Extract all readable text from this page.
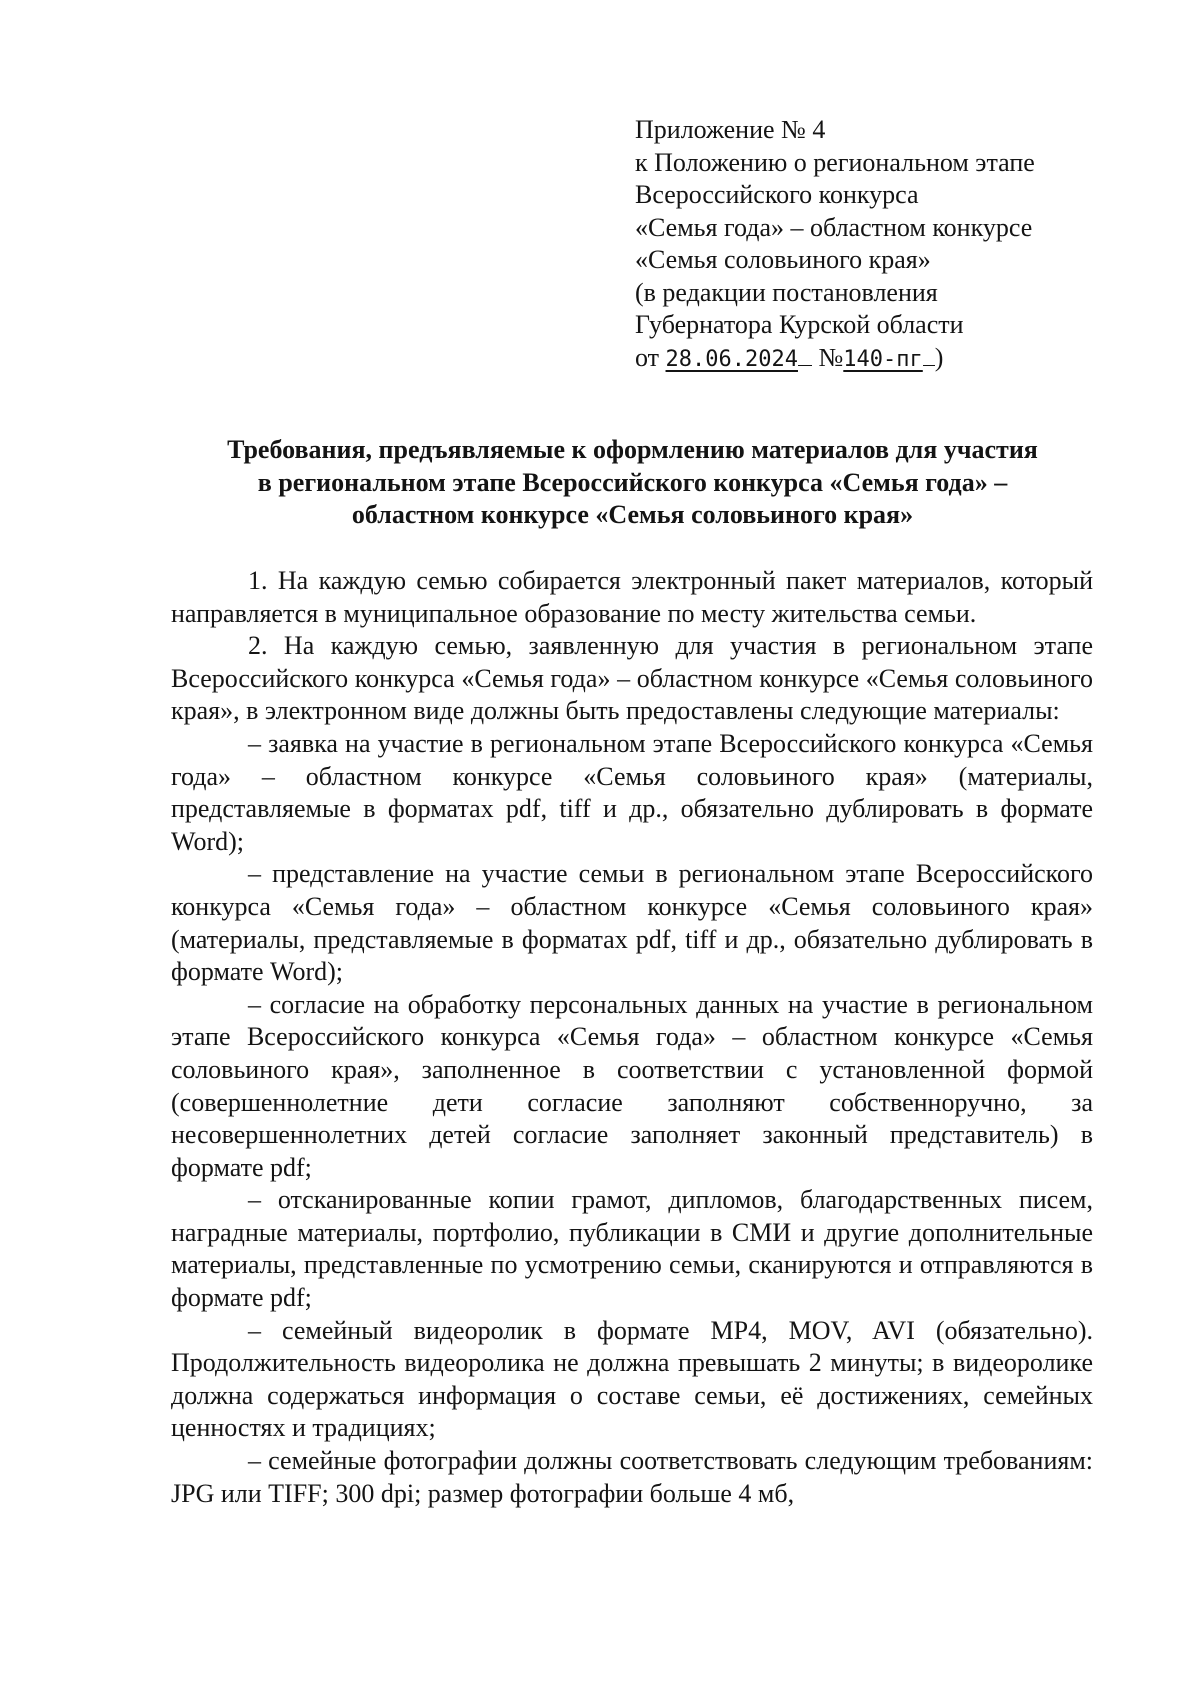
Приложение № 4
к Положению о региональном этапе
Всероссийского конкурса
«Семья года» – областном конкурсе
«Семья соловьиного края»
(в редакции постановления
Губернатора Курской области
от 28.06.2024 №140-пг )
Требования, предъявляемые к оформлению материалов для участия
в региональном этапе Всероссийского конкурса «Семья года» –
областном конкурсе «Семья соловьиного края»

1. На каждую семью собирается электронный пакет материалов, который направляется в муниципальное образование по месту жительства семьи.

2. На каждую семью, заявленную для участия в региональном этапе Всероссийского конкурса «Семья года» – областном конкурсе «Семья соловьиного края», в электронном виде должны быть предоставлены следующие материалы:

– заявка на участие в региональном этапе Всероссийского конкурса «Семья года» – областном конкурсе «Семья соловьиного края» (материалы, представляемые в форматах pdf, tiff и др., обязательно дублировать в формате Word);

– представление на участие семьи в региональном этапе Всероссийского конкурса «Семья года» – областном конкурсе «Семья соловьиного края» (материалы, представляемые в форматах pdf, tiff и др., обязательно дублировать в формате Word);

– согласие на обработку персональных данных на участие в региональном этапе Всероссийского конкурса «Семья года» – областном конкурсе «Семья соловьиного края», заполненное в соответствии с установленной формой (совершеннолетние дети согласие заполняют собственноручно, за несовершеннолетних детей согласие заполняет законный представитель) в формате pdf;

– отсканированные копии грамот, дипломов, благодарственных писем, наградные материалы, портфолио, публикации в СМИ и другие дополнительные материалы, представленные по усмотрению семьи, сканируются и отправляются в формате pdf;

– семейный видеоролик в формате MP4, MOV, AVI (обязательно). Продолжительность видеоролика не должна превышать 2 минуты; в видеоролике должна содержаться информация о составе семьи, её достижениях, семейных ценностях и традициях;

– семейные фотографии должны соответствовать следующим требованиям: JPG или TIFF; 300 dpi; размер фотографии больше 4 мб,
